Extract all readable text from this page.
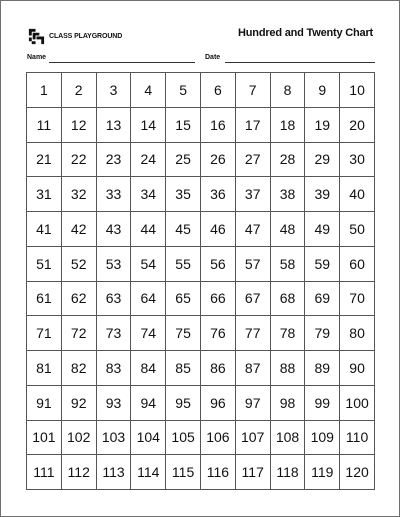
CLASS PLAYGROUND	Hundred and Twenty Chart
Name	Date
1	2	3	4	5	6	7	8	9	10
11	12	13	14	15	16	17	18	19	20
21	22	23	24	25	26	27	28	29	30
31	32	33	34	35	36	37	38	39	40
41	42	43	44	45	46	47	48	49	50
51	52	53	54	55	56	57	58	59	60
61	62	63	64	65	66	67	68	69	70
71	72	73	74	75	76	77	78	79	80
81	82	83	84	85	86	87	88	89	90
91	92	93	94	95	96	97	98	99	100
101 102 103 104 105 106 107 108 109 110
111 112 113 114 115 116 117 118 119 120
